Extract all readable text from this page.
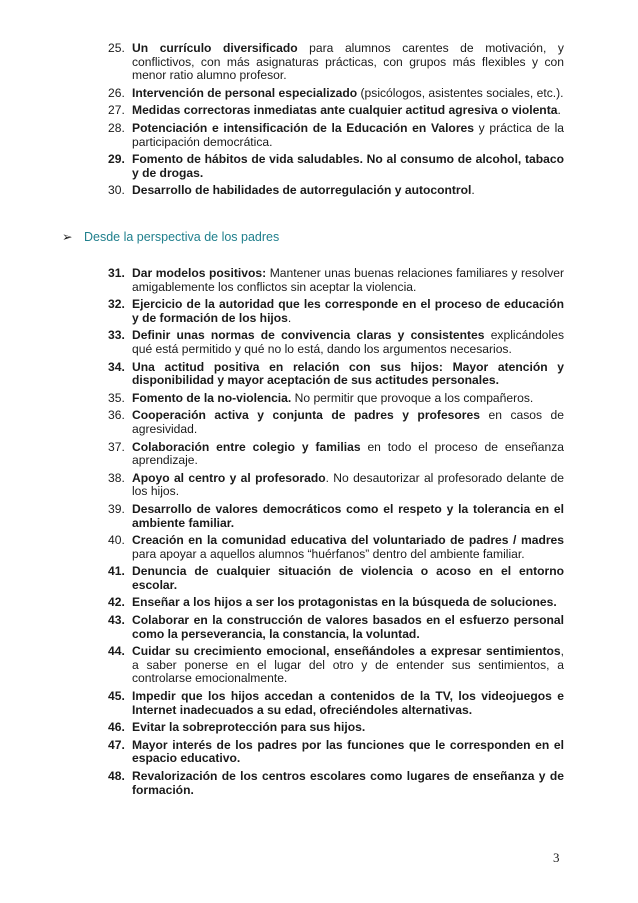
25. Un currículo diversificado para alumnos carentes de motivación, y conflictivos, con más asignaturas prácticas, con grupos más flexibles y con menor ratio alumno profesor.
26. Intervención de personal especializado (psicólogos, asistentes sociales, etc.).
27. Medidas correctoras inmediatas ante cualquier actitud agresiva o violenta.
28. Potenciación e intensificación de la Educación en Valores y práctica de la participación democrática.
29. Fomento de hábitos de vida saludables. No al consumo de alcohol, tabaco y de drogas.
30. Desarrollo de habilidades de autorregulación y autocontrol.
➢ Desde la perspectiva de los padres
31. Dar modelos positivos: Mantener unas buenas relaciones familiares y resolver amigablemente los conflictos sin aceptar la violencia.
32. Ejercicio de la autoridad que les corresponde en el proceso de educación y de formación de los hijos.
33. Definir unas normas de convivencia claras y consistentes explicándoles qué está permitido y qué no lo está, dando los argumentos necesarios.
34. Una actitud positiva en relación con sus hijos: Mayor atención y disponibilidad y mayor aceptación de sus actitudes personales.
35. Fomento de la no-violencia. No permitir que provoque a los compañeros.
36. Cooperación activa y conjunta de padres y profesores en casos de agresividad.
37. Colaboración entre colegio y familias en todo el proceso de enseñanza aprendizaje.
38. Apoyo al centro y al profesorado. No desautorizar al profesorado delante de los hijos.
39. Desarrollo de valores democráticos como el respeto y la tolerancia en el ambiente familiar.
40. Creación en la comunidad educativa del voluntariado de padres / madres para apoyar a aquellos alumnos “huérfanos” dentro del ambiente familiar.
41. Denuncia de cualquier situación de violencia o acoso en el entorno escolar.
42. Enseñar a los hijos a ser los protagonistas en la búsqueda de soluciones.
43. Colaborar en la construcción de valores basados en el esfuerzo personal como la perseverancia, la constancia, la voluntad.
44. Cuidar su crecimiento emocional, enseñándoles a expresar sentimientos, a saber ponerse en el lugar del otro y de entender sus sentimientos, a controlarse emocionalmente.
45. Impedir que los hijos accedan a contenidos de la TV, los videojuegos e Internet inadecuados a su edad, ofreciéndoles alternativas.
46. Evitar la sobreprotección para sus hijos.
47. Mayor interés de los padres por las funciones que le corresponden en el espacio educativo.
48. Revalorización de los centros escolares como lugares de enseñanza y de formación.
3
